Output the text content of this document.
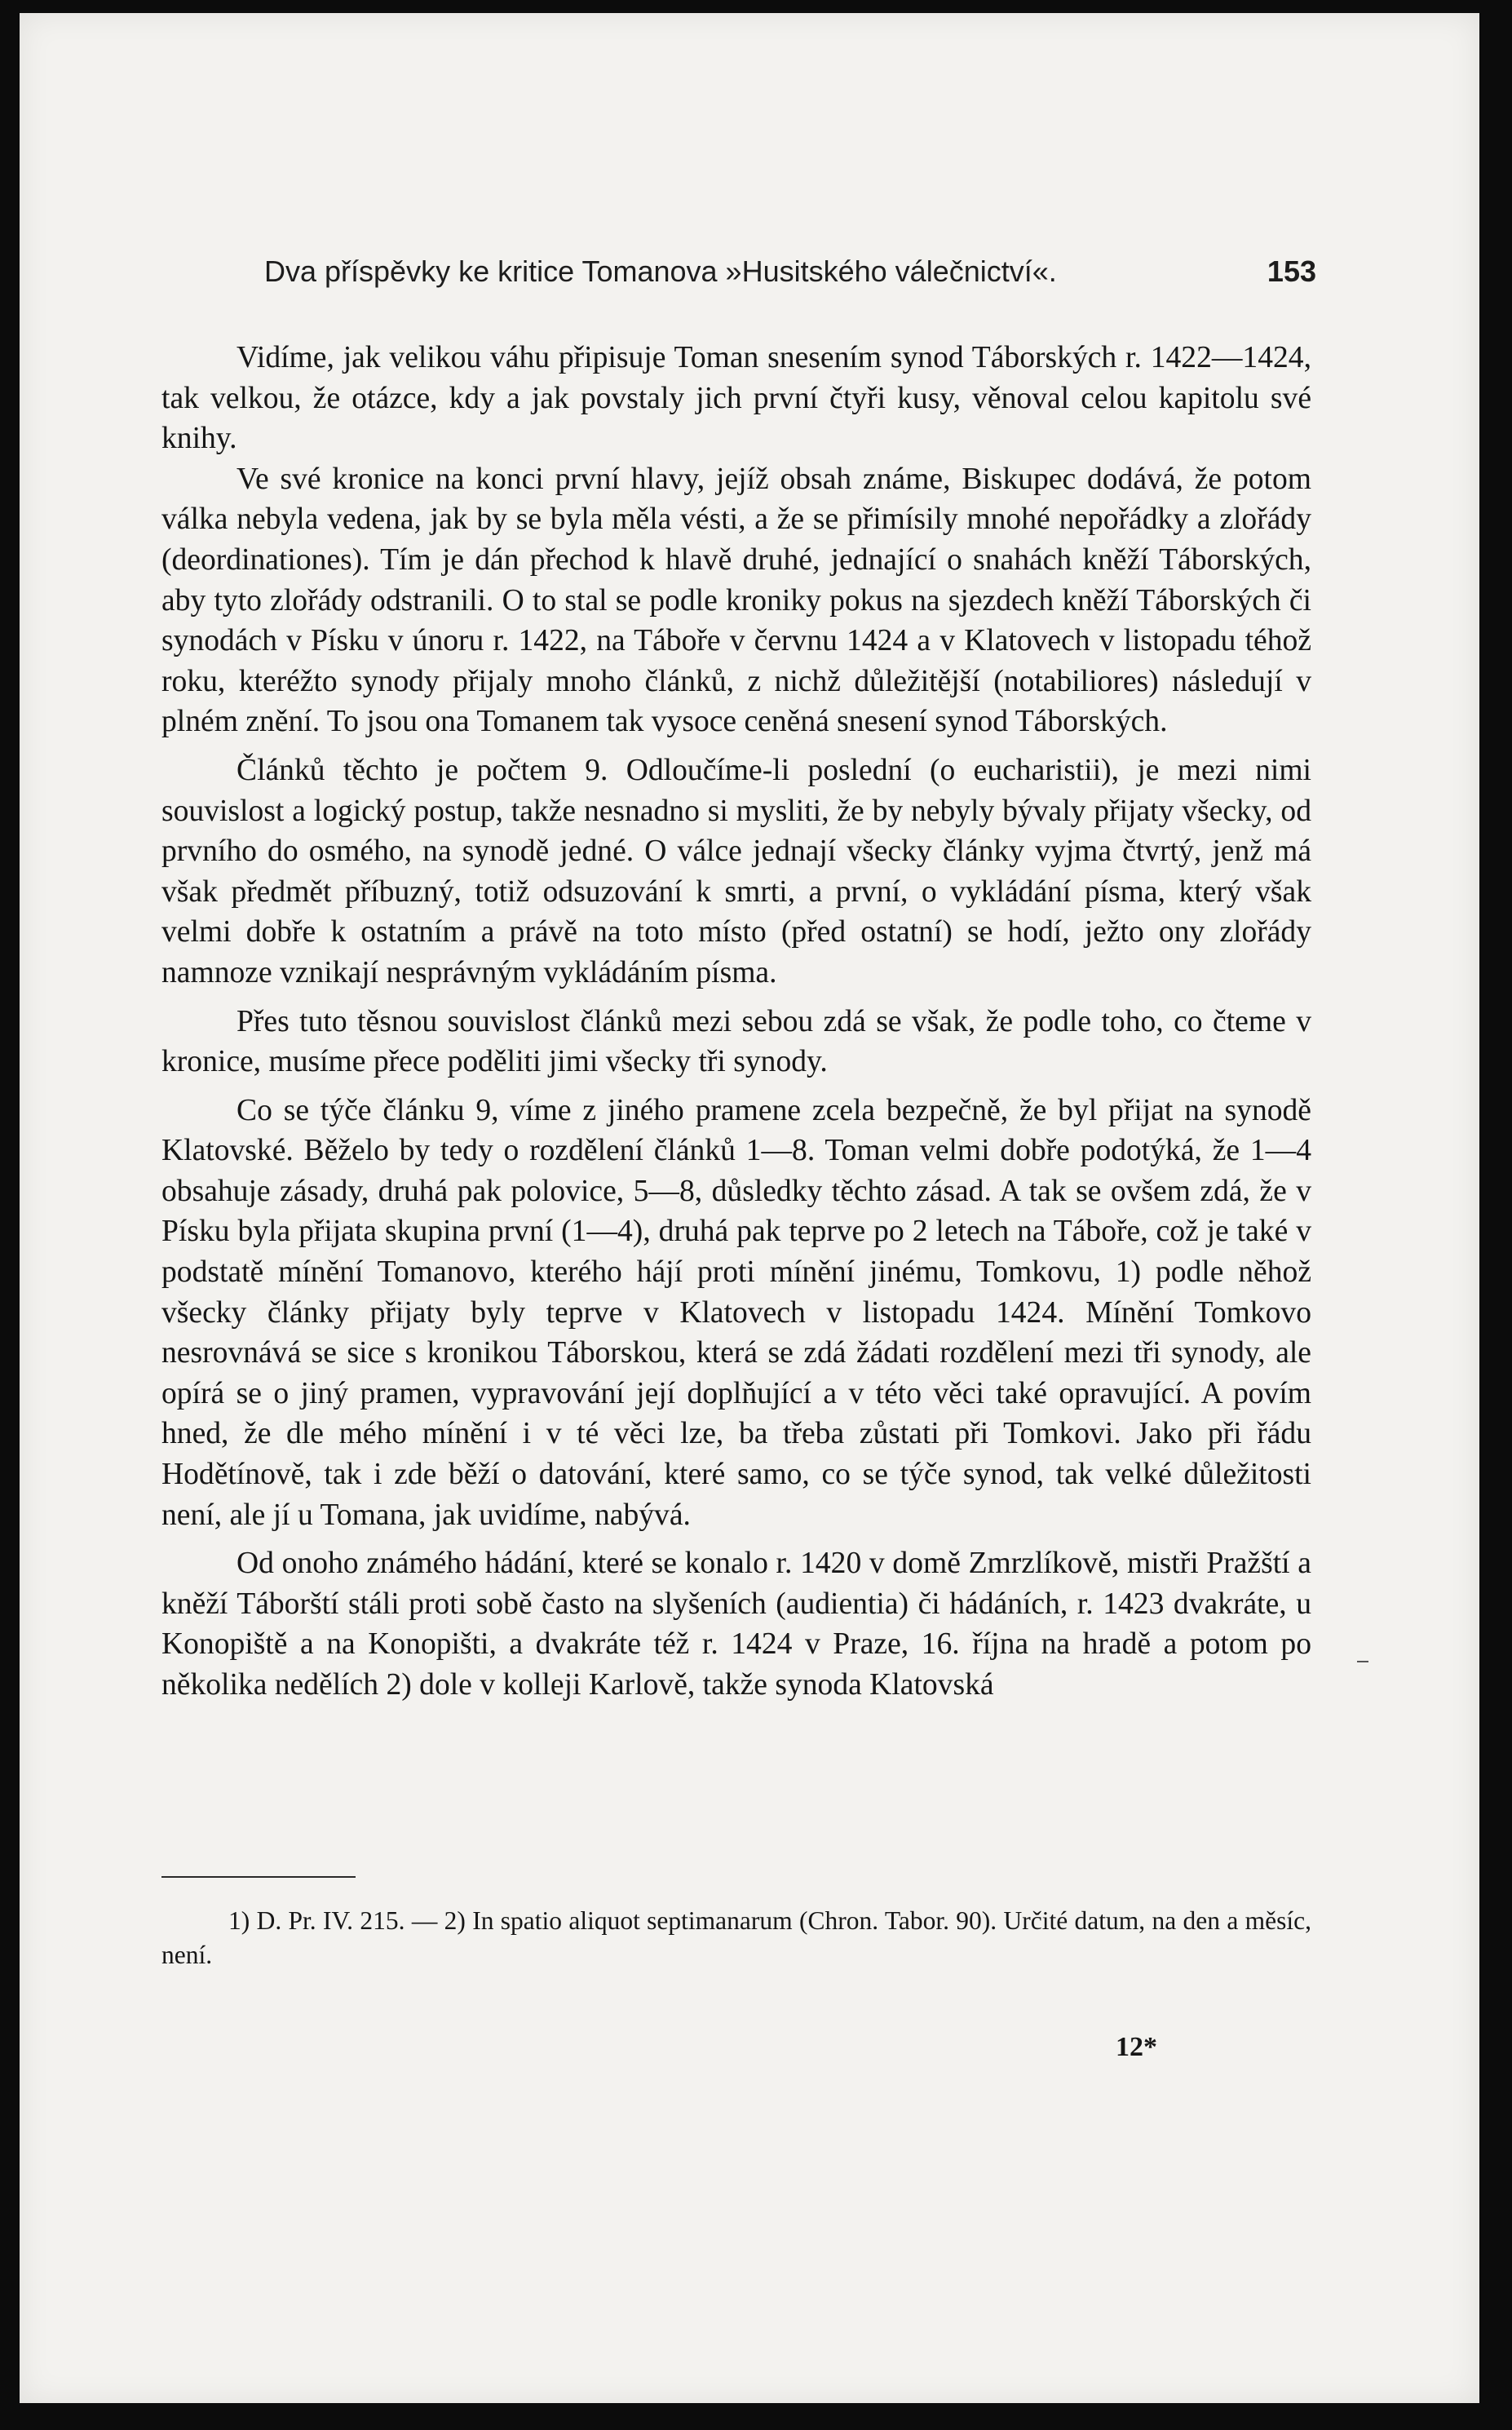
Dva příspěvky ke kritice Tomanova »Husitského válečnictví«.	153

Vidíme, jak velikou váhu připisuje Toman snesením synod Táborských r. 1422—1424, tak velkou, že otázce, kdy a jak povstaly jich první čtyři kusy, věnoval celou kapitolu své knihy.

Ve své kronice na konci první hlavy, jejíž obsah známe, Biskupec dodává, že potom válka nebyla vedena, jak by se byla měla vésti, a že se přimísily mnohé nepořádky a zlořády (deordinationes). Tím je dán přechod k hlavě druhé, jednající o snahách kněží Táborských, aby tyto zlořády odstranili. O to stal se podle kroniky pokus na sjezdech kněží Táborských či synodách v Písku v únoru r. 1422, na Táboře v červnu 1424 a v Klatovech v listopadu téhož roku, kteréžto synody přijaly mnoho článků, z nichž důležitější (notabiliores) následují v plném znění. To jsou ona Tomanem tak vysoce ceněná snesení synod Táborských.

Článků těchto je počtem 9. Odloučíme-li poslední (o eucharistii), je mezi nimi souvislost a logický postup, takže nesnadno si mysliti, že by nebyly bývaly přijaty všecky, od prvního do osmého, na synodě jedné. O válce jednají všecky články vyjma čtvrtý, jenž má však předmět příbuzný, totiž odsuzování k smrti, a první, o vykládání písma, který však velmi dobře k ostatním a právě na toto místo (před ostatní) se hodí, ježto ony zlořády namnoze vznikají nesprávným vykládáním písma.

Přes tuto těsnou souvislost článků mezi sebou zdá se však, že podle toho, co čteme v kronice, musíme přece poděliti jimi všecky tři synody.

Co se týče článku 9, víme z jiného pramene zcela bezpečně, že byl přijat na synodě Klatovské. Běželo by tedy o rozdělení článků 1—8. Toman velmi dobře podotýká, že 1—4 obsahuje zásady, druhá pak polovice, 5—8, důsledky těchto zásad. A tak se ovšem zdá, že v Písku byla přijata skupina první (1—4), druhá pak teprve po 2 letech na Táboře, což je také v podstatě mínění Tomanovo, kterého hájí proti mínění jinému, Tomkovu, 1) podle něhož všecky články přijaty byly teprve v Klatovech v listopadu 1424. Mínění Tomkovo nesrovnává se sice s kronikou Táborskou, která se zdá žádati rozdělení mezi tři synody, ale opírá se o jiný pramen, vypravování její doplňující a v této věci také opravující. A povím hned, že dle mého mínění i v té věci lze, ba třeba zůstati při Tomkovi. Jako při řádu Hodětínově, tak i zde běží o datování, které samo, co se týče synod, tak velké důležitosti není, ale jí u Tomana, jak uvidíme, nabývá.

Od onoho známého hádání, které se konalo r. 1420 v domě Zmrzlíkově, mistři Pražští a kněží Táborští stáli proti sobě často na slyšeních (audientia) či hádáních, r. 1423 dvakráte, u Konopiště a na Konopišti, a dvakráte též r. 1424 v Praze, 16. října na hradě a potom po několika nedělích 2) dole v kolleji Karlově, takže synoda Klatovská

1) D. Pr. IV. 215. — 2) In spatio aliquot septimanarum (Chron. Tabor. 90). Určité datum, na den a měsíc, není.

12*
